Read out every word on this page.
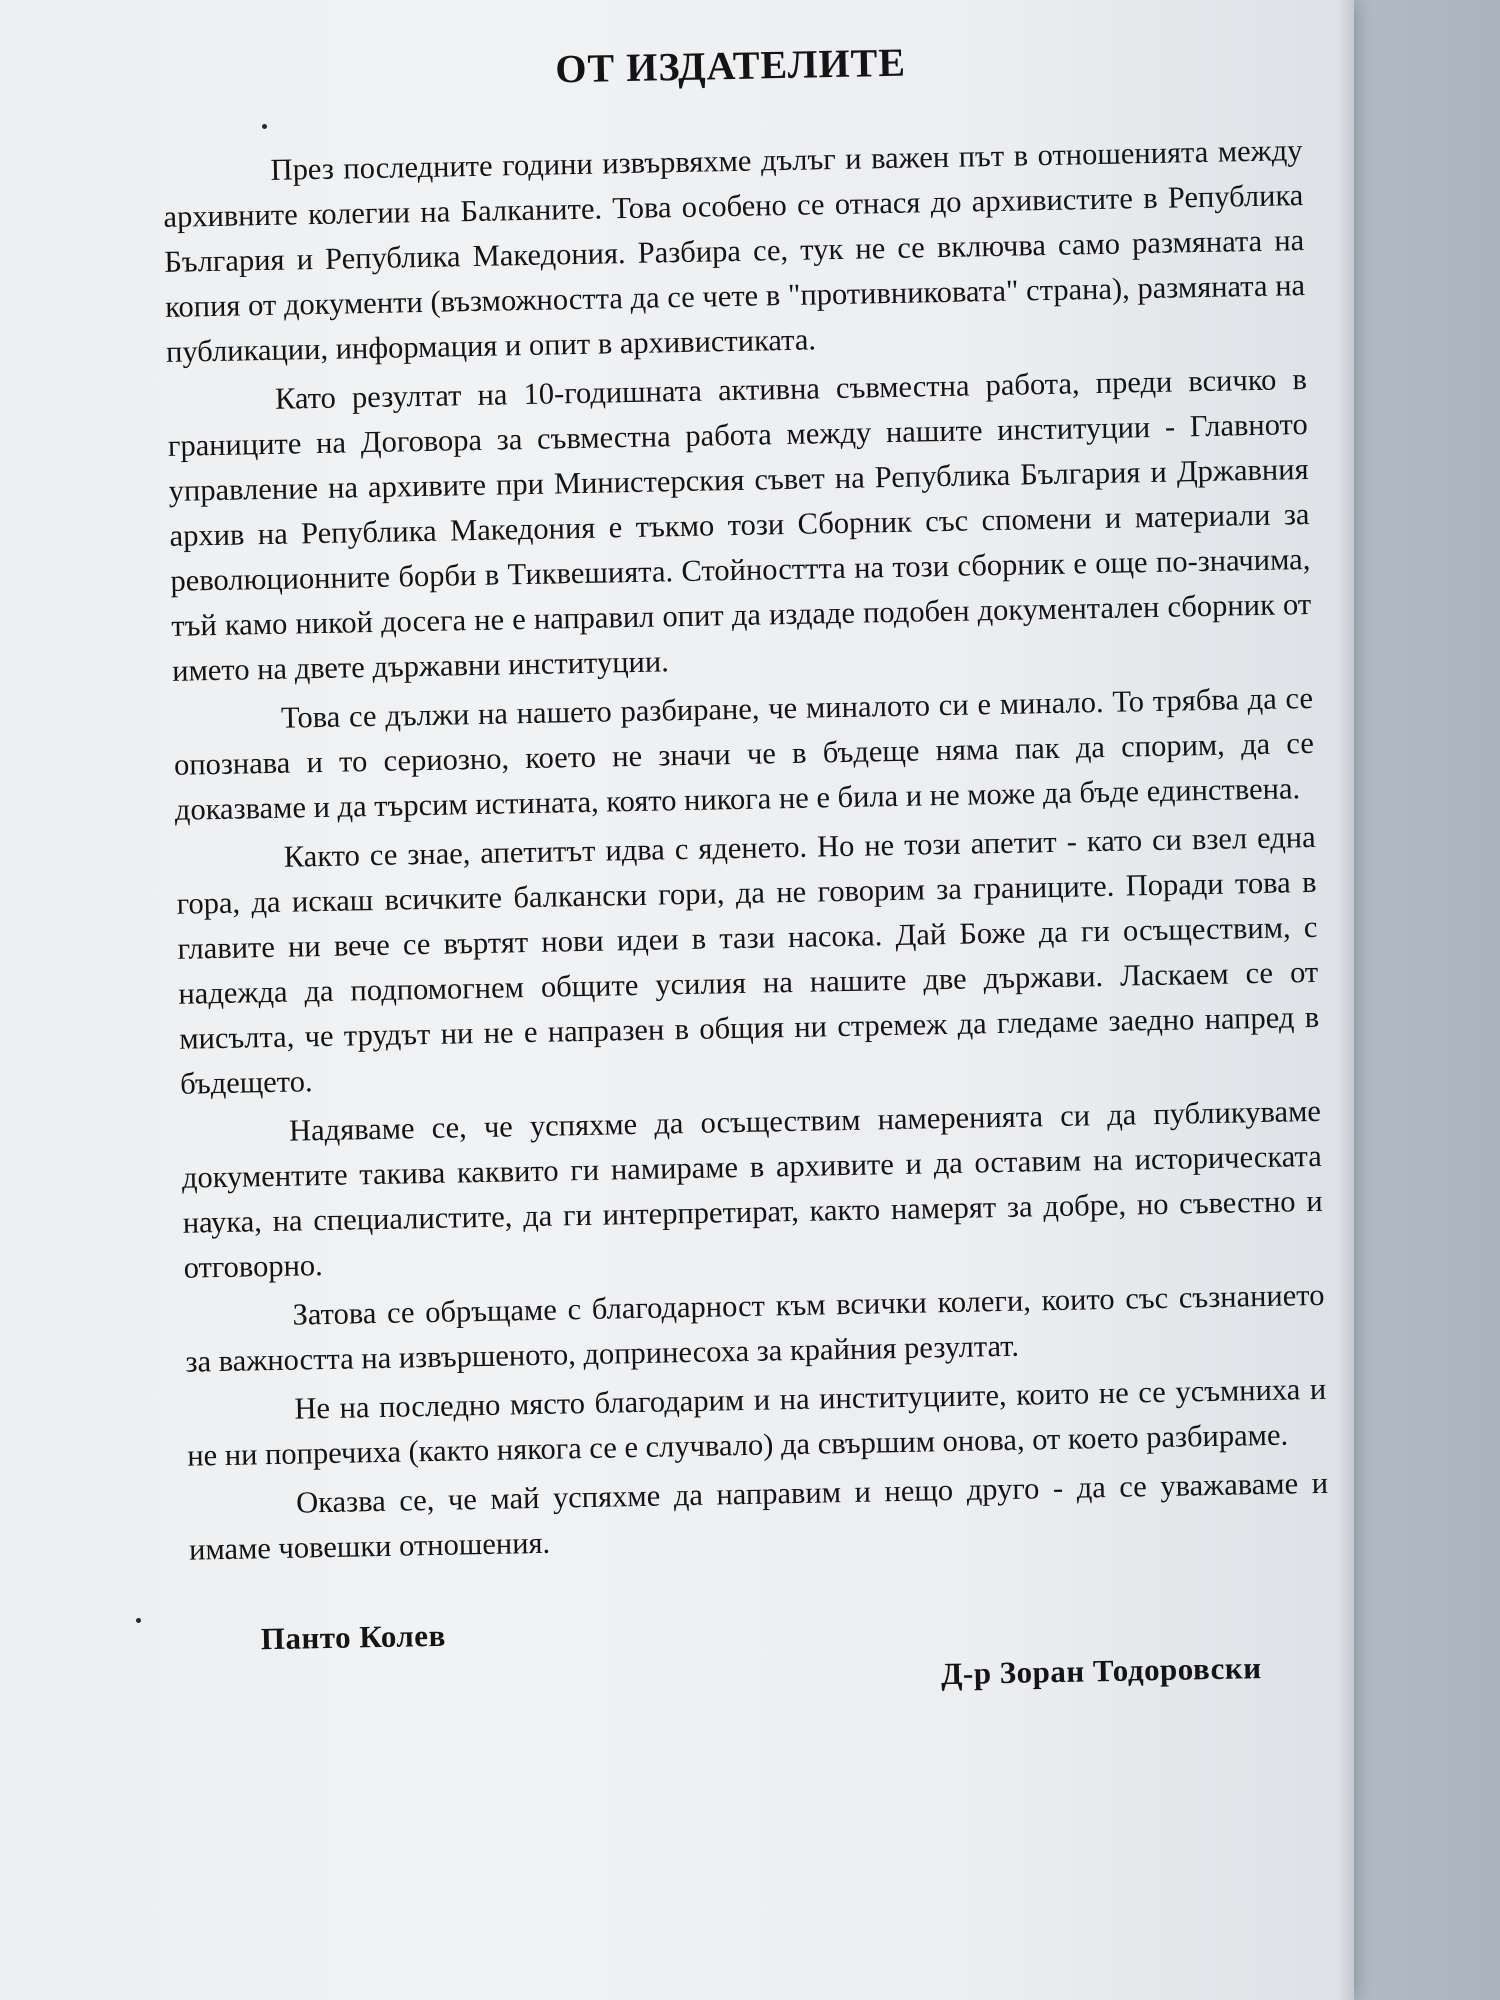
ОТ ИЗДАТЕЛИТЕ

През последните години извървяхме дълъг и важен път в отношенията между архивните колегии на Балканите. Това особено се отнася до архивистите в Република България и Република Македония. Разбира се, тук не се включва само размяната на копия от документи (възможността да се чете в "противниковата" страна), размяната на публикации, информация и опит в архивистиката.

Като резултат на 10-годишната активна съвместна работа, преди всичко в границите на Договора за съвместна работа между нашите институции - Главното управление на архивите при Министерския съвет на Република България и Државния архив на Република Македония е тъкмо този Сборник със спомени и материали за революционните борби в Тиквешията. Стойносттта на този сборник е още по-значима, тъй камо никой досега не е направил опит да издаде подобен документален сборник от името на двете държавни институции.

Това се дължи на нашето разбиране, че миналото си е минало. То трябва да се опознава и то сериозно, което не значи че в бъдеще няма пак да спорим, да се доказваме и да търсим истината, която никога не е била и не може да бъде единствена.

Както се знае, апетитът идва с яденето. Но не този апетит - като си взел една гора, да искаш всичките балкански гори, да не говорим за границите. Поради това в главите ни вече се въртят нови идеи в тази насока. Дай Боже да ги осъществим, с надежда да подпомогнем общите усилия на нашите две държави. Ласкаем се от мисълта, че трудът ни не е напразен в общия ни стремеж да гледаме заедно напред в бъдещето.

Надяваме се, че успяхме да осъществим намеренията си да публикуваме документите такива каквито ги намираме в архивите и да оставим на историческата наука, на специалистите, да ги интерпретират, както намерят за добре, но съвестно и отговорно.

Затова се обръщаме с благодарност към всички колеги, които със съзнанието за важността на извършеното, допринесоха за крайния резултат.

Не на последно място благодарим и на институциите, които не се усъмниха и не ни попречиха (както някога се е случвало) да свършим онова, от което разбираме.

Оказва се, че май успяхме да направим и нещо друго - да се уважаваме и имаме човешки отношения.

Панто Колев
Д-р Зоран Тодоровски
